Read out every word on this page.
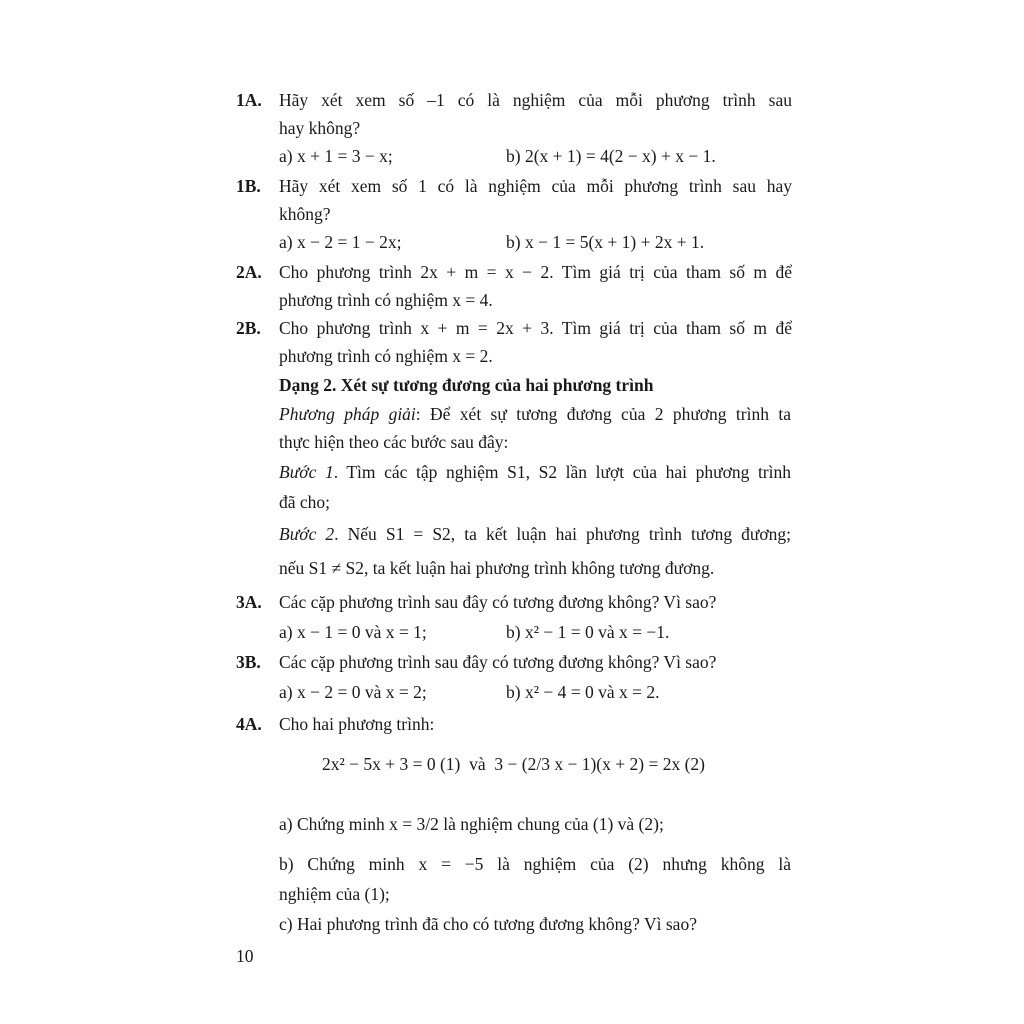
1A. Hãy xét xem số –1 có là nghiệm của mỗi phương trình sau
hay không?
a) x + 1 = 3 − x;	b) 2(x + 1) = 4(2 − x) + x − 1.
1B. Hãy xét xem số 1 có là nghiệm của mỗi phương trình sau hay
không?
a) x − 2 = 1 − 2x;	b) x − 1 = 5(x + 1) + 2x + 1.
2A. Cho phương trình 2x + m = x − 2. Tìm giá trị của tham số m để
phương trình có nghiệm x = 4.
2B. Cho phương trình x + m = 2x + 3. Tìm giá trị của tham số m để
phương trình có nghiệm x = 2.
Dạng 2. Xét sự tương đương của hai phương trình
Phương pháp giải: Để xét sự tương đương của 2 phương trình ta
thực hiện theo các bước sau đây:
Bước 1. Tìm các tập nghiệm S1, S2 lần lượt của hai phương trình
đã cho;
Bước 2. Nếu S1 = S2, ta kết luận hai phương trình tương đương;
nếu S1 ≠ S2, ta kết luận hai phương trình không tương đương.
3A. Các cặp phương trình sau đây có tương đương không? Vì sao?
a) x − 1 = 0 và x = 1;	b) x² − 1 = 0 và x = −1.
3B. Các cặp phương trình sau đây có tương đương không? Vì sao?
a) x − 2 = 0 và x = 2;	b) x² − 4 = 0 và x = 2.
4A. Cho hai phương trình:
2x² − 5x + 3 = 0 (1) và 3 − (2/3 x − 1)(x + 2) = 2x (2)
a) Chứng minh x = 3/2 là nghiệm chung của (1) và (2);
b) Chứng minh x = −5 là nghiệm của (2) nhưng không là
nghiệm của (1);
c) Hai phương trình đã cho có tương đương không? Vì sao?
10
